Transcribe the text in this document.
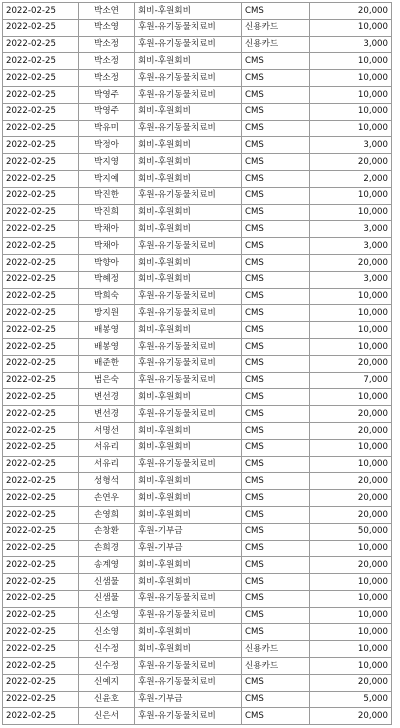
2022-02-25	박소연	회비-후원회비	CMS	20,000
2022-02-25	박소영	후원-유기동물치료비	신용카드	10,000
2022-02-25	박소정	후원-유기동물치료비	신용카드	3,000
2022-02-25	박소정	회비-후원회비	CMS	10,000
2022-02-25	박소정	후원-유기동물치료비	CMS	10,000
2022-02-25	박영주	후원-유기동물치료비	CMS	10,000
2022-02-25	박영주	회비-후원회비	CMS	10,000
2022-02-25	박유미	후원-유기동물치료비	CMS	10,000
2022-02-25	박정아	회비-후원회비	CMS	3,000
2022-02-25	박지영	회비-후원회비	CMS	20,000
2022-02-25	박지예	회비-후원회비	CMS	2,000
2022-02-25	박진한	후원-유기동물치료비	CMS	10,000
2022-02-25	박진희	회비-후원회비	CMS	10,000
2022-02-25	박채아	회비-후원회비	CMS	3,000
2022-02-25	박채아	후원-유기동물치료비	CMS	3,000
2022-02-25	박향아	회비-후원회비	CMS	20,000
2022-02-25	박혜정	회비-후원회비	CMS	3,000
2022-02-25	박희숙	후원-유기동물치료비	CMS	10,000
2022-02-25	방지원	후원-유기동물치료비	CMS	10,000
2022-02-25	배봉영	회비-후원회비	CMS	10,000
2022-02-25	배봉영	후원-유기동물치료비	CMS	10,000
2022-02-25	배준한	후원-유기동물치료비	CMS	20,000
2022-02-25	범은숙	후원-유기동물치료비	CMS	7,000
2022-02-25	변선경	회비-후원회비	CMS	10,000
2022-02-25	변선경	후원-유기동물치료비	CMS	20,000
2022-02-25	서명선	회비-후원회비	CMS	20,000
2022-02-25	서유리	회비-후원회비	CMS	10,000
2022-02-25	서유리	후원-유기동물치료비	CMS	10,000
2022-02-25	성형석	회비-후원회비	CMS	20,000
2022-02-25	손연우	회비-후원회비	CMS	20,000
2022-02-25	손영희	회비-후원회비	CMS	20,000
2022-02-25	손창환	후원-기부금	CMS	50,000
2022-02-25	손희경	후원-기부금	CMS	10,000
2022-02-25	송계영	회비-후원회비	CMS	20,000
2022-02-25	신샘물	회비-후원회비	CMS	10,000
2022-02-25	신샘물	후원-유기동물치료비	CMS	10,000
2022-02-25	신소영	후원-유기동물치료비	CMS	10,000
2022-02-25	신소영	회비-후원회비	CMS	10,000
2022-02-25	신수정	회비-후원회비	신용카드	10,000
2022-02-25	신수정	후원-유기동물치료비	신용카드	10,000
2022-02-25	신예지	후원-유기동물치료비	CMS	20,000
2022-02-25	신윤호	후원-기부금	CMS	5,000
2022-02-25	신은서	후원-유기동물치료비	CMS	20,000
